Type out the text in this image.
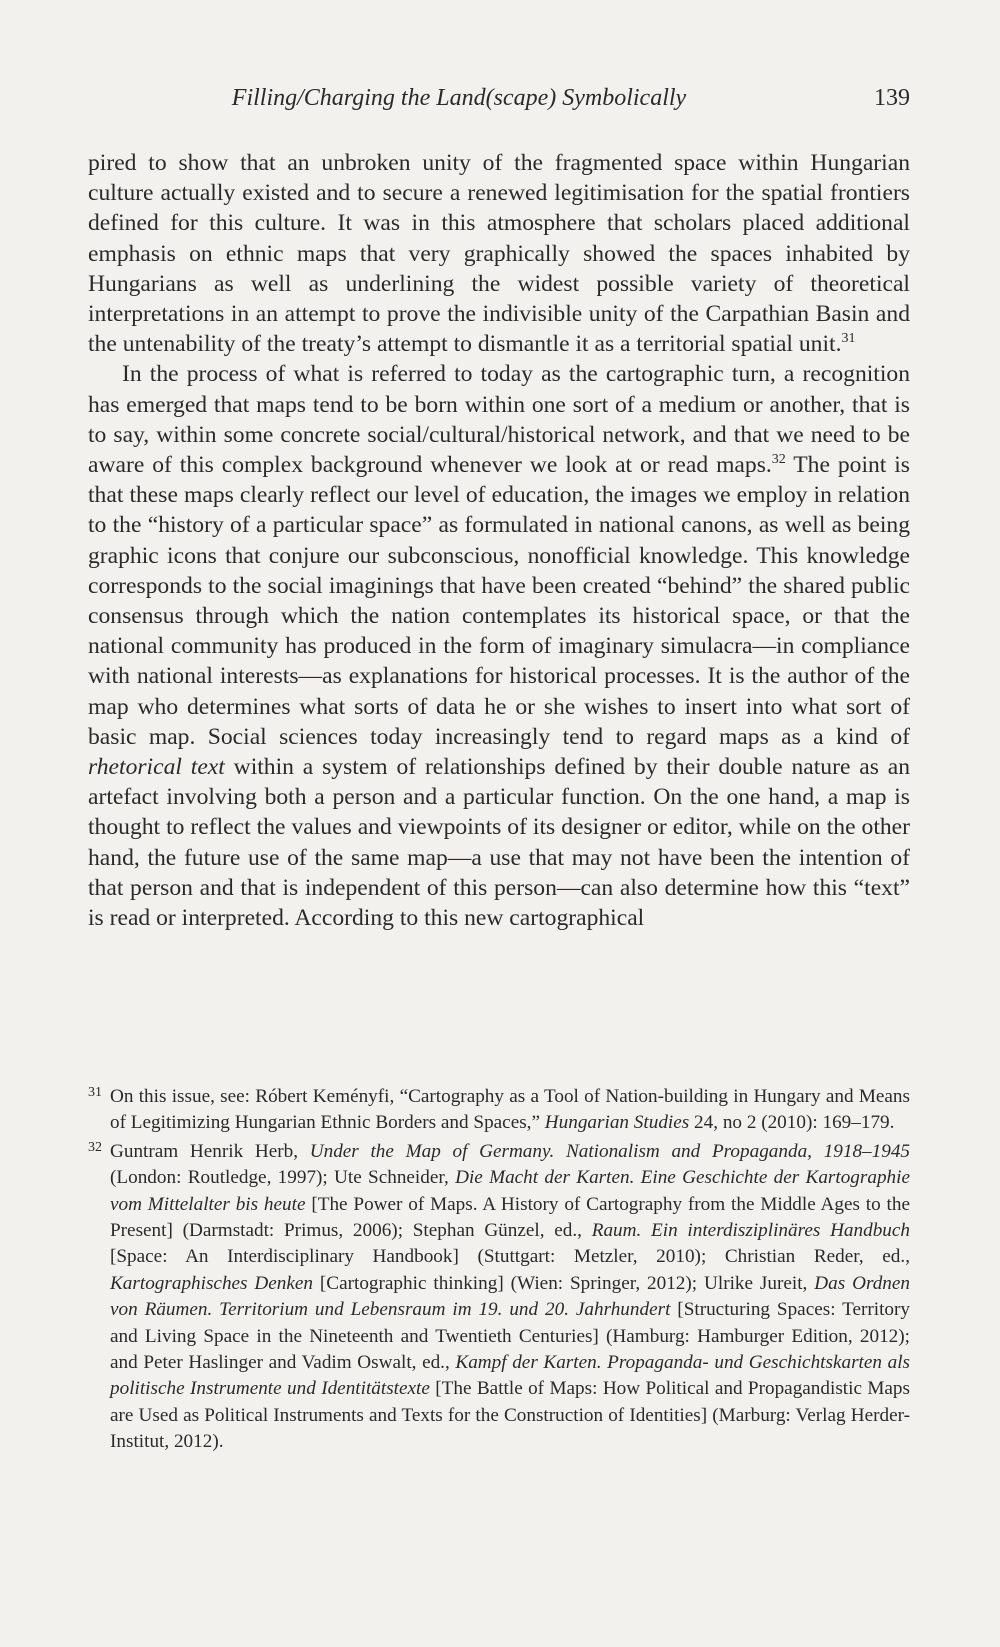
Filling/Charging the Land(scape) Symbolically	139

pired to show that an unbroken unity of the fragmented space within Hungarian culture actually existed and to secure a renewed legitimisation for the spatial frontiers defined for this culture. It was in this atmosphere that scholars placed additional emphasis on ethnic maps that very graphically showed the spaces inhabited by Hungarians as well as underlining the widest possible variety of theoretical interpretations in an attempt to prove the indivisible unity of the Carpathian Basin and the untenability of the treaty’s attempt to dismantle it as a territorial spatial unit.$^{31}$

In the process of what is referred to today as the cartographic turn, a recognition has emerged that maps tend to be born within one sort of a medium or another, that is to say, within some concrete social/cultural/historical network, and that we need to be aware of this complex background whenever we look at or read maps.$^{32}$ The point is that these maps clearly reflect our level of education, the images we employ in relation to the “history of a particular space” as formulated in national canons, as well as being graphic icons that conjure our subconscious, nonofficial knowledge. This knowledge corresponds to the social imaginings that have been created “behind” the shared public consensus through which the nation contemplates its historical space, or that the national community has produced in the form of imaginary simulacra—in compliance with national interests—as explanations for historical processes. It is the author of the map who determines what sorts of data he or she wishes to insert into what sort of basic map. Social sciences today increasingly tend to regard maps as a kind of rhetorical text within a system of relationships defined by their double nature as an artefact involving both a person and a particular function. On the one hand, a map is thought to reflect the values and viewpoints of its designer or editor, while on the other hand, the future use of the same map—a use that may not have been the intention of that person and that is independent of this person—can also determine how this “text” is read or interpreted. According to this new cartographical

31 On this issue, see: Róbert Keményfi, “Cartography as a Tool of Nation-building in Hungary and Means of Legitimizing Hungarian Ethnic Borders and Spaces,” Hungarian Studies 24, no 2 (2010): 169–179.

32 Guntram Henrik Herb, Under the Map of Germany. Nationalism and Propaganda, 1918–1945 (London: Routledge, 1997); Ute Schneider, Die Macht der Karten. Eine Geschichte der Kartographie vom Mittelalter bis heute [The Power of Maps. A History of Cartography from the Middle Ages to the Present] (Darmstadt: Primus, 2006); Stephan Günzel, ed., Raum. Ein interdisziplinäres Handbuch [Space: An Interdisciplinary Handbook] (Stuttgart: Metzler, 2010); Christian Reder, ed., Kartographisches Denken [Cartographic thinking] (Wien: Springer, 2012); Ulrike Jureit, Das Ordnen von Räumen. Territorium und Lebensraum im 19. und 20. Jahrhundert [Structuring Spaces: Territory and Living Space in the Nineteenth and Twentieth Centuries] (Hamburg: Hamburger Edition, 2012); and Peter Haslinger and Vadim Oswalt, ed., Kampf der Karten. Propaganda- und Geschichtskarten als politische Instrumente und Identitätstexte [The Battle of Maps: How Political and Propagandistic Maps are Used as Political Instruments and Texts for the Construction of Identities] (Marburg: Verlag Herder-Institut, 2012).
